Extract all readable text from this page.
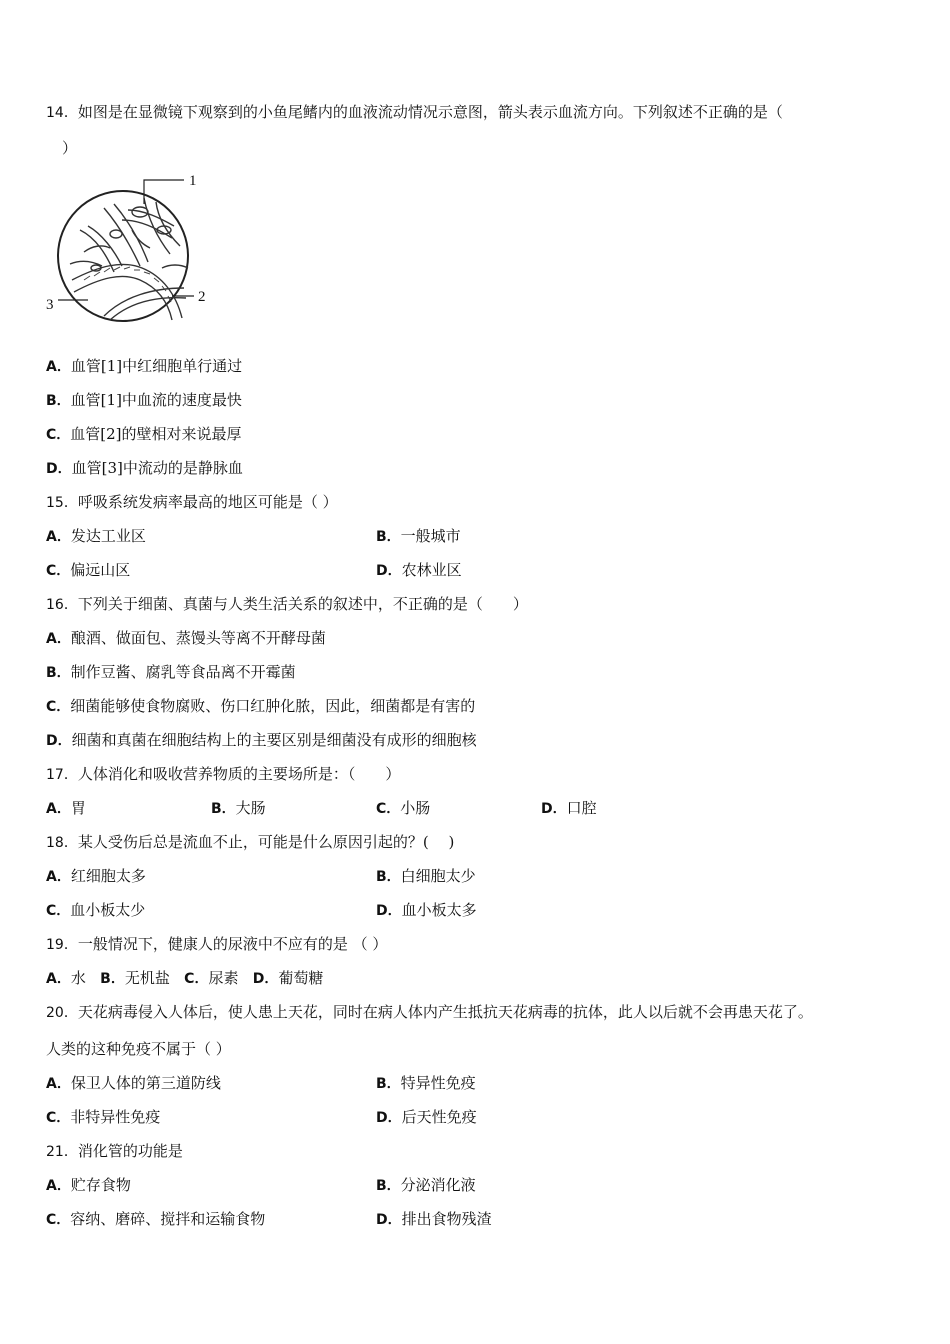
14．如图是在显微镜下观察到的小鱼尾鳍内的血液流动情况示意图，箭头表示血流方向。下列叙述不正确的是（
）
1
2
3
A．血管[1]中红细胞单行通过
B．血管[1]中血流的速度最快
C．血管[2]的壁相对来说最厚
D．血管[3]中流动的是静脉血
15．呼吸系统发病率最高的地区可能是（ ）
A．发达工业区	B．一般城市
C．偏远山区	D．农林业区
16．下列关于细菌、真菌与人类生活关系的叙述中，不正确的是（　　）
A．酿酒、做面包、蒸馒头等离不开酵母菌
B．制作豆酱、腐乳等食品离不开霉菌
C．细菌能够使食物腐败、伤口红肿化脓，因此，细菌都是有害的
D．细菌和真菌在细胞结构上的主要区别是细菌没有成形的细胞核
17．人体消化和吸收营养物质的主要场所是：（　　）
A．胃	B．大肠	C．小肠	D．口腔
18．某人受伤后总是流血不止，可能是什么原因引起的？(　 )
A．红细胞太多	B．白细胞太少
C．血小板太少	D．血小板太多
19．一般情况下，健康人的尿液中不应有的是 （ ）
A．水 B．无机盐 C．尿素 D．葡萄糖
20．天花病毒侵入人体后，使人患上天花，同时在病人体内产生抵抗天花病毒的抗体，此人以后就不会再患天花了。
人类的这种免疫不属于（ ）
A．保卫人体的第三道防线	B．特异性免疫
C．非特异性免疫	D．后天性免疫
21．消化管的功能是
A．贮存食物	B．分泌消化液
C．容纳、磨碎、搅拌和运输食物	D．排出食物残渣
